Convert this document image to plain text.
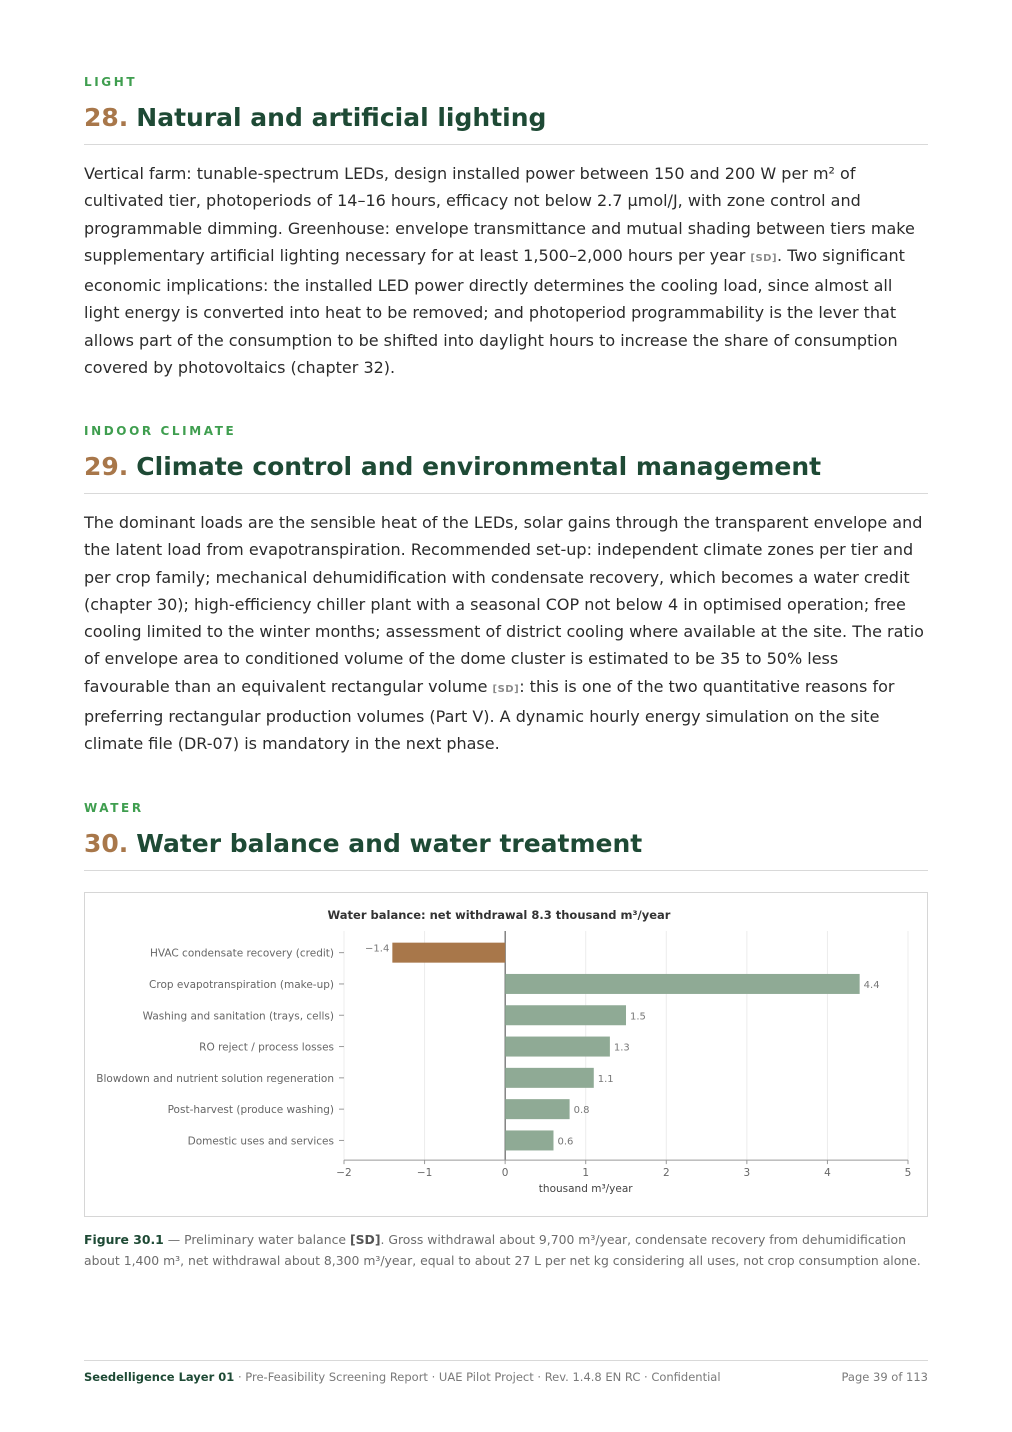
LIGHT
28. Natural and artificial lighting

Vertical farm: tunable-spectrum LEDs, design installed power between 150 and 200 W per m² of cultivated tier, photoperiods of 14–16 hours, efficacy not below 2.7 µmol/J, with zone control and programmable dimming. Greenhouse: envelope transmittance and mutual shading between tiers make supplementary artificial lighting necessary for at least 1,500–2,000 hours per year [SD]. Two significant economic implications: the installed LED power directly determines the cooling load, since almost all light energy is converted into heat to be removed; and photoperiod programmability is the lever that allows part of the consumption to be shifted into daylight hours to increase the share of consumption covered by photovoltaics (chapter 32).

INDOOR CLIMATE
29. Climate control and environmental management

The dominant loads are the sensible heat of the LEDs, solar gains through the transparent envelope and the latent load from evapotranspiration. Recommended set-up: independent climate zones per tier and per crop family; mechanical dehumidification with condensate recovery, which becomes a water credit (chapter 30); high-efficiency chiller plant with a seasonal COP not below 4 in optimised operation; free cooling limited to the winter months; assessment of district cooling where available at the site. The ratio of envelope area to conditioned volume of the dome cluster is estimated to be 35 to 50% less favourable than an equivalent rectangular volume [SD]: this is one of the two quantitative reasons for preferring rectangular production volumes (Part V). A dynamic hourly energy simulation on the site climate file (DR-07) is mandatory in the next phase.

WATER
30. Water balance and water treatment
Water balance: net withdrawal 8.3 thousand m³/year
−2	−1	0	1	2	3	4	5
thousand m³/year
HVAC condensate recovery (credit)	−1.4
Crop evapotranspiration (make-up)	4.4
Washing and sanitation (trays, cells)	1.5
RO reject / process losses	1.3
Blowdown and nutrient solution regeneration	1.1
Post-harvest (produce washing)	0.8
Domestic uses and services	0.6

Figure 30.1 — Preliminary water balance [SD]. Gross withdrawal about 9,700 m³/year, condensate recovery from dehumidification about 1,400 m³, net withdrawal about 8,300 m³/year, equal to about 27 L per net kg considering all uses, not crop consumption alone.

Seedelligence Layer 01 · Pre-Feasibility Screening Report · UAE Pilot Project · Rev. 1.4.8 EN RC · Confidential	Page 39 of 113
